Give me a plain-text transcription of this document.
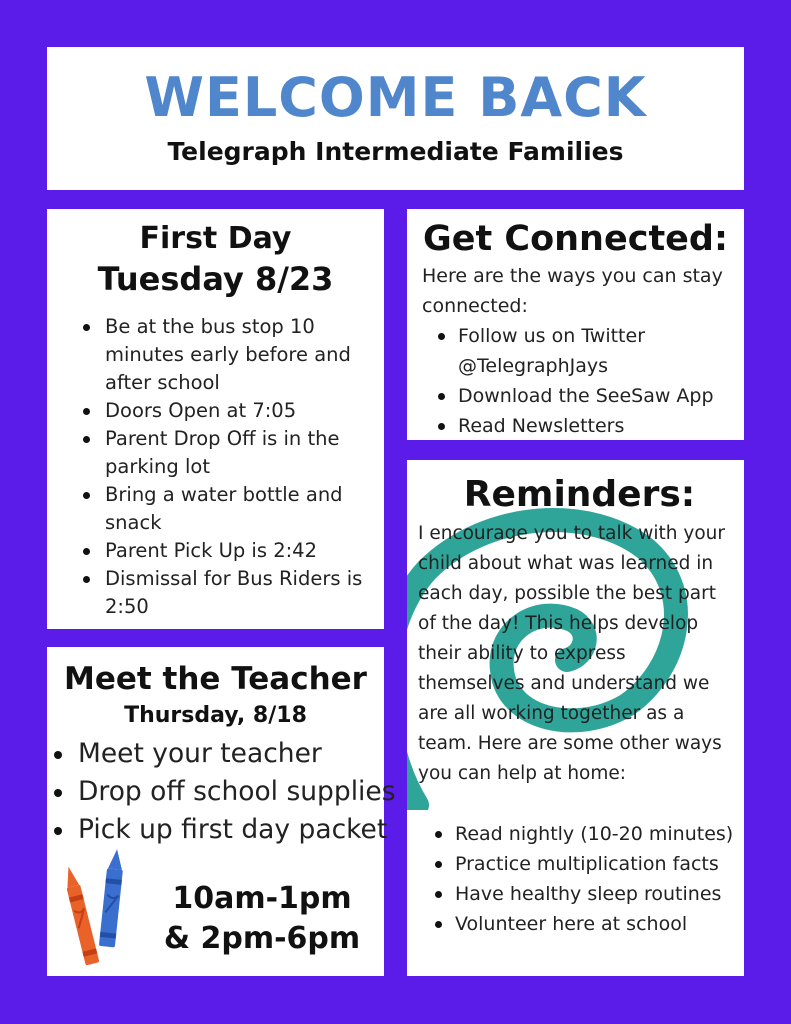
WELCOME BACK
Telegraph Intermediate Families
First Day
Tuesday 8/23
Be at the bus stop 10 minutes early before and after school
Doors Open at 7:05
Parent Drop Off is in the parking lot
Bring a water bottle and snack
Parent Pick Up is 2:42
Dismissal for Bus Riders is 2:50
Meet the Teacher
Thursday, 8/18
Meet your teacher
Drop off school supplies
Pick up first day packet
10am-1pm
& 2pm-6pm
Get Connected:
Here are the ways you can stay connected:
Follow us on Twitter
@TelegraphJays
Download the SeeSaw App
Read Newsletters
Reminders:
I encourage you to talk with your child about what was learned in each day, possible the best part of the day! This helps develop their ability to express themselves and understand we are all working together as a team. Here are some other ways you can help at home:
Read nightly (10-20 minutes)
Practice multiplication facts
Have healthy sleep routines
Volunteer here at school
